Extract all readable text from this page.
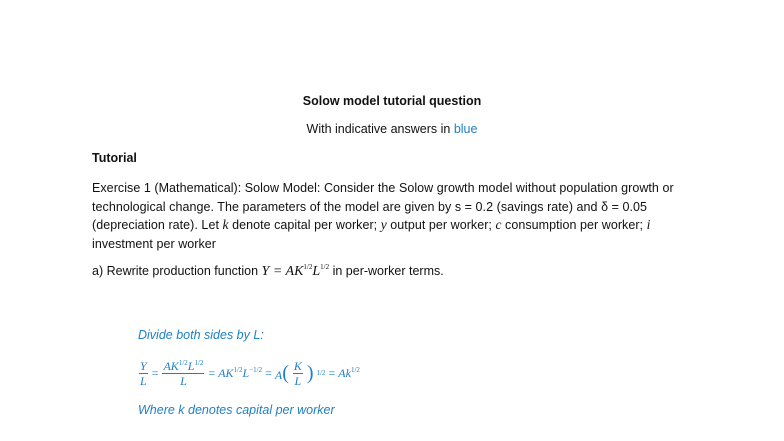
Solow model tutorial question
With indicative answers in blue
Tutorial
Exercise 1 (Mathematical): Solow Model: Consider the Solow growth model without population growth or technological change. The parameters of the model are given by s = 0.2 (savings rate) and δ = 0.05 (depreciation rate). Let k denote capital per worker; y output per worker; c consumption per worker; i investment per worker
a) Rewrite production function $Y = AK^{1/2}L^{1/2}$ in per-worker terms.
Divide both sides by L:
$\frac{Y}{L} = \frac{AK^{1/2}L^{1/2}}{L} = AK^{1/2}L^{-1/2} = A( \frac{K}{L}$ ) $1/2 = Ak^{1/2}$
Where k denotes capital per worker
